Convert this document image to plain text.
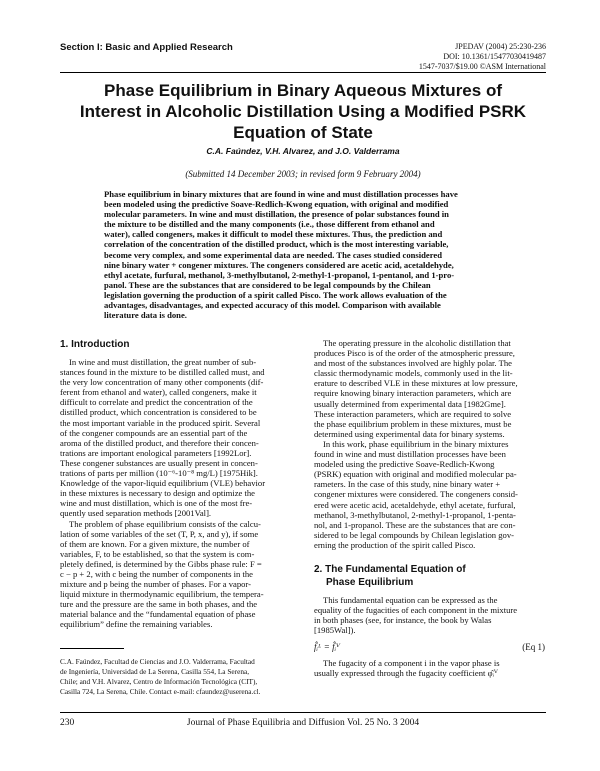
Section I: Basic and Applied Research	JPEDAV (2004) 25:230-236
DOI: 10.1361/15477030419487
1547-7037/$19.00 ©ASM International
Phase Equilibrium in Binary Aqueous Mixtures of
Interest in Alcoholic Distillation Using a Modified PSRK
Equation of State
C.A. Faúndez, V.H. Alvarez, and J.O. Valderrama
(Submitted 14 December 2003; in revised form 9 February 2004)
Phase equilibrium in binary mixtures that are found in wine and must distillation processes have
been modeled using the predictive Soave-Redlich-Kwong equation, with original and modified
molecular parameters. In wine and must distillation, the presence of polar substances found in
the mixture to be distilled and the many components (i.e., those different from ethanol and
water), called congeners, makes it difficult to model these mixtures. Thus, the prediction and
correlation of the concentration of the distilled product, which is the most interesting variable,
become very complex, and some experimental data are needed. The cases studied considered
nine binary water + congener mixtures. The congeners considered are acetic acid, acetaldehyde,
ethyl acetate, furfural, methanol, 3-methylbutanol, 2-methyl-1-propanol, 1-pentanol, and 1-pro-
panol. These are the substances that are considered to be legal compounds by the Chilean
legislation governing the production of a spirit called Pisco. The work allows evaluation of the
advantages, disadvantages, and expected accuracy of this model. Comparison with available
literature data is done.
1. Introduction
In wine and must distillation, the great number of sub-
stances found in the mixture to be distilled called must, and
the very low concentration of many other components (dif-
ferent from ethanol and water), called congeners, make it
difficult to correlate and predict the concentration of the
distilled product, which concentration is considered to be
the most important variable in the produced spirit. Several
of the congener compounds are an essential part of the
aroma of the distilled product, and therefore their concen-
trations are important enological parameters [1992Lor].
These congener substances are usually present in concen-
trations of parts per million (10⁻⁶-10⁻⁸ mg/L) [1975Hik].
Knowledge of the vapor-liquid equilibrium (VLE) behavior
in these mixtures is necessary to design and optimize the
wine and must distillation, which is one of the most fre-
quently used separation methods [2001Val].
The problem of phase equilibrium consists of the calcu-
lation of some variables of the set (T, P, x, and y), if some
of them are known. For a given mixture, the number of
variables, F, to be established, so that the system is com-
pletely defined, is determined by the Gibbs phase rule: F =
c − p + 2, with c being the number of components in the
mixture and p being the number of phases. For a vapor-
liquid mixture in thermodynamic equilibrium, the tempera-
ture and the pressure are the same in both phases, and the
material balance and the “fundamental equation of phase
equilibrium” define the remaining variables.
C.A. Faúndez, Facultad de Ciencias and J.O. Valderrama, Facultad
de Ingeniería, Universidad de La Serena, Casilla 554, La Serena,
Chile; and V.H. Alvarez, Centro de Información Tecnológica (CIT),
Casilla 724, La Serena, Chile. Contact e-mail: cfaundez@userena.cl.
The operating pressure in the alcoholic distillation that
produces Pisco is of the order of the atmospheric pressure,
and most of the substances involved are highly polar. The
classic thermodynamic models, commonly used in the lit-
erature to described VLE in these mixtures at low pressure,
require knowing binary interaction parameters, which are
usually determined from experimental data [1982Gme].
These interaction parameters, which are required to solve
the phase equilibrium problem in these mixtures, must be
determined using experimental data for binary systems.
In this work, phase equilibrium in the binary mixtures
found in wine and must distillation processes have been
modeled using the predictive Soave-Redlich-Kwong
(PSRK) equation with original and modified molecular pa-
rameters. In the case of this study, nine binary water +
congener mixtures were considered. The congeners consid-
ered were acetic acid, acetaldehyde, ethyl acetate, furfural,
methanol, 3-methylbutanol, 2-methyl-1-propanol, 1-penta-
nol, and 1-propanol. These are the substances that are con-
sidered to be legal compounds by Chilean legislation gov-
erning the production of the spirit called Pisco.
2. The Fundamental Equation of
Phase Equilibrium
This fundamental equation can be expressed as the
equality of the fugacities of each component in the mixture
in both phases (see, for instance, the book by Walas
[1985Wal]).
f̂ᵢᴸ = f̂ᵢⱽ	(Eq 1)
The fugacity of a component i in the vapor phase is
usually expressed through the fugacity coefficient φ̂ᵢⱽ
230	Journal of Phase Equilibria and Diffusion Vol. 25 No. 3 2004
